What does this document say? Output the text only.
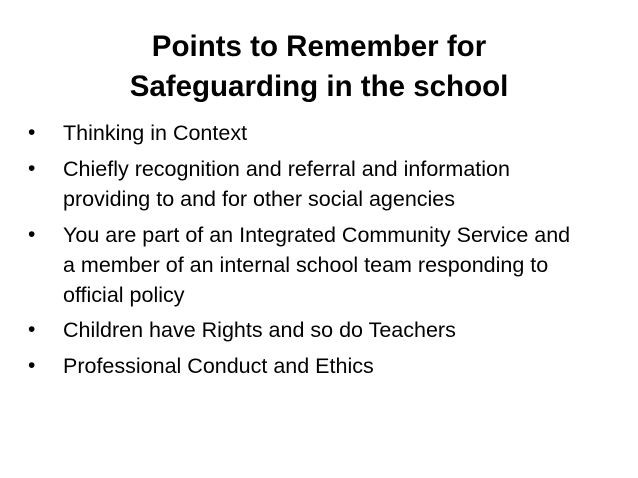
Points to Remember for
Safeguarding in the school
•	Thinking in Context
•	Chiefly recognition and referral and information providing to and for other social agencies
•	You are part of an Integrated Community Service and a member of an internal school team responding to official policy
•	Children have Rights and so do Teachers
•	Professional Conduct and Ethics
